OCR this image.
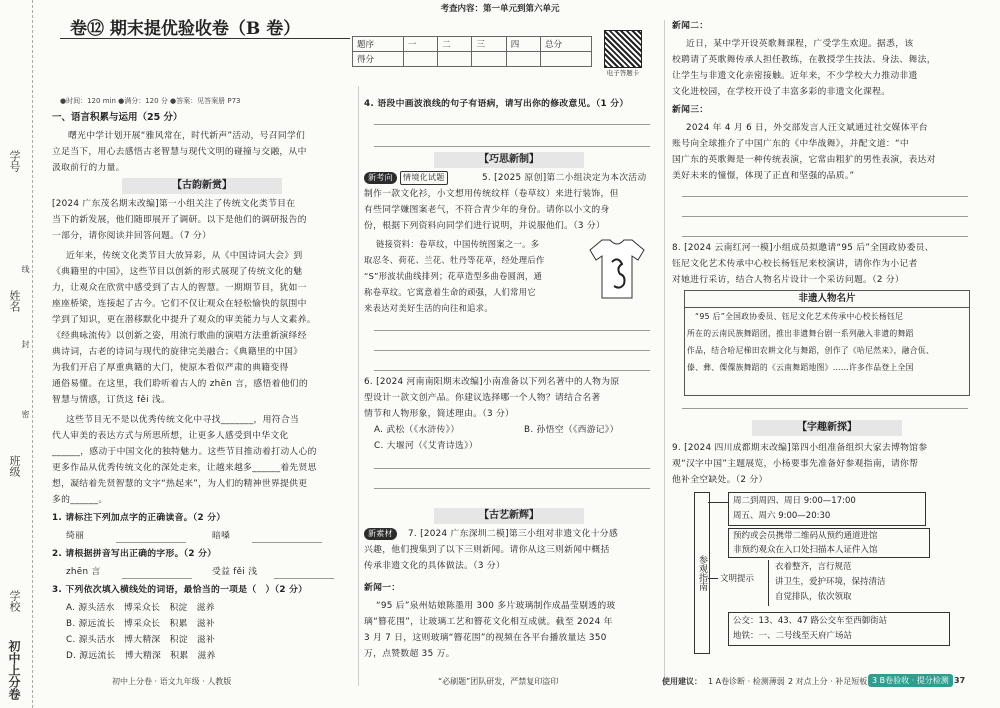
学号
姓名
班级
学校
初中上分卷
线
封
密
考查内容：第一单元到第六单元
卷⑫ 期末提优验收卷（B 卷）
●时间：120 min ●满分：120 分 ●答案：见答案册 P73
题序	一	二	三	四	总分
得分					
电子答题卡
一、语言积累与运用（25 分）
曙光中学计划开展“雅风常在，时代新声”活动，号召同学们
立足当下，用心去感悟古老智慧与现代文明的碰撞与交融，从中
汲取前行的力量。
【古韵新赏】
[2024 广东茂名期末改编]第一小组关注了传统文化类节目在
当下的新发展，他们随即展开了调研。以下是他们的调研报告的
一部分，请你阅读并回答问题。（7 分）
近年来，传统文化类节目大放异彩，从《中国诗词大会》到
《典籍里的中国》，这些节目以创新的形式展现了传统文化的魅
力，让观众在欣赏中感受到了古人的智慧。一期期节目，犹如一
座座桥梁，连接起了古今。它们不仅让观众在轻松愉快的氛围中
学到了知识，更在潜移默化中提升了观众的审美能力与人文素养。
《经典咏流传》以创新之姿，用流行歌曲的演唱方法重新演绎经
典诗词，古老的诗词与现代的旋律完美融合；《典籍里的中国》
为我们开启了厚重典籍的大门，使原本看似严肃的典籍变得
通俗易懂。在这里，我们聆听着古人的 zhēn 言，感悟着他们的
智慧与情感，订货这 fěi 浅。
这些节目无不是以优秀传统文化中寻找_______，用符合当
代人审美的表达方式与所思所想，让更多人感受到中华文化
______，感动于中国文化的独特魅力。这些节目推动着打动人心的
更多作品从优秀传统文化的深处走来，让越来越多______着先贤思
想，凝结着先贤智慧的文字“热起来”，为人们的精神世界提供更
多的______。
1. 请标注下列加点字的正确读音。（2 分）
绮丽	暗嗓
2. 请根据拼音写出正确的字形。（2 分）
zhēn 言	受益 fěi 浅
3. 下列依次填入横线处的词语，最恰当的一项是（　）（2 分）
A. 源头活水　博采众长　积淀　滋养
B. 源远流长　博采众长　积累　滋补
C. 源头活水　博大精深　积淀　滋补
D. 源远流长　博大精深　积累　滋养
初中上分卷 · 语文九年级 · 人教版
4. 语段中画波浪线的句子有语病，请写出你的修改意见。（1 分）
【巧思新制】
新考向 情境化试题	5. [2025 原创]第二小组决定为本次活动
制作一款文化衫，小文想用传统纹样（卷草纹）来进行装饰，但
有些同学嫌图案老气，不符合青少年的身份。请你以小文的身
份，根据下列资料向同学们进行说明，并说服他们。（3 分）
链接资料：卷草纹，中国传统图案之一。多
取忍冬、荷花、兰花、牡丹等花草，经处理后作
“S”形波状曲线排列；花草造型多曲卷圆润，通
称卷草纹。它寓意着生命的顽强，人们常用它
来表达对美好生活的向往和追求。
6. [2024 河南南阳期末改编]小南准备以下列名著中的人物为原
型设计一款文创产品。你建议选择哪一个人物？请结合名著
情节和人物形象，简述理由。（3 分）
A. 武松（《水浒传》）	B. 孙悟空（《西游记》）
C. 大堰河（《艾青诗选》）
【古艺新辉】
新素材	7. [2024 广东深圳二模]第三小组对非遗文化十分感
兴趣，他们搜集到了以下三则新闻。请你从这三则新闻中概括
传承非遗文化的具体做法。（3 分）
新闻一：
“95 后”泉州姑娘陈墨用 300 多片玻璃制作成晶莹剔透的玻
璃“簪花围”，让玻璃工艺和簪花文化相互成就。截至 2024 年
3 月 7 日，这则玻璃“簪花围”的视频在各平台播放量达 350
万，点赞数超 35 万。
“必刷题”团队研发，严禁复印盗印
新闻二：
近日，某中学开设英歌舞课程，广受学生欢迎。据悉，该
校聘请了英歌舞传承人担任教练，在教授学生技法、身法、舞法，
让学生与非遗文化亲密接触。近年来，不少学校大力推动非遗
文化进校园，在学校开设了丰富多彩的非遗文化课程。
新闻三：
2024 年 4 月 6 日，外交部发言人汪文斌通过社交媒体平台
账号向全球推介了中国广东的《中华战舞》，并配文道：“中
国广东的英歌舞是一种传统表演，它常由粗犷的男性表演，表达对
美好未来的憧憬，体现了正直和坚强的品质。”
8. [2024 云南红河一模]小组成员拟邀请“95 后”全国政协委员、
钰尼文化艺术传承中心校长杨钰尼来校演讲，请你作为小记者
对她进行采访，结合人物名片设计一个采访问题。（2 分）
非遗人物名片
“95 后”全国政协委员、钰尼文化艺术传承中心校长杨钰尼
所在的云南民族舞蹈团，推出非遗舞台剧一系列融入非遗的舞蹈
作品，结合哈尼梯田农耕文化与舞蹈，创作了《哈尼然来》，融合佤、
傣、彝、傈僳族舞蹈的《云南舞蹈地图》……许多作品登上全国
【字趣新探】
9. [2024 四川成都期末改编]第四小组准备组织大家去博物馆参
观“汉字中国”主题展览，小杨要事先准备好参观指南，请你帮
他补全空缺处。（2 分）
参观指南
周二到周四、周日 9:00—17:00
周五、周六 9:00—20:30
预约或会员携带二维码从预约通道进馆
非预约观众在入口处扫描本人证件入馆
文明提示
衣着整齐，言行规范
讲卫生，爱护环境，保持清洁
自觉排队，依次领取
公交：13、43、47 路公交车至西御街站
地铁：一、二号线至天府广场站
使用建议： 1 A卷诊断 · 检测薄弱 2 对点上分 · 补足短板 3 B卷验收 · 提分检测 37
